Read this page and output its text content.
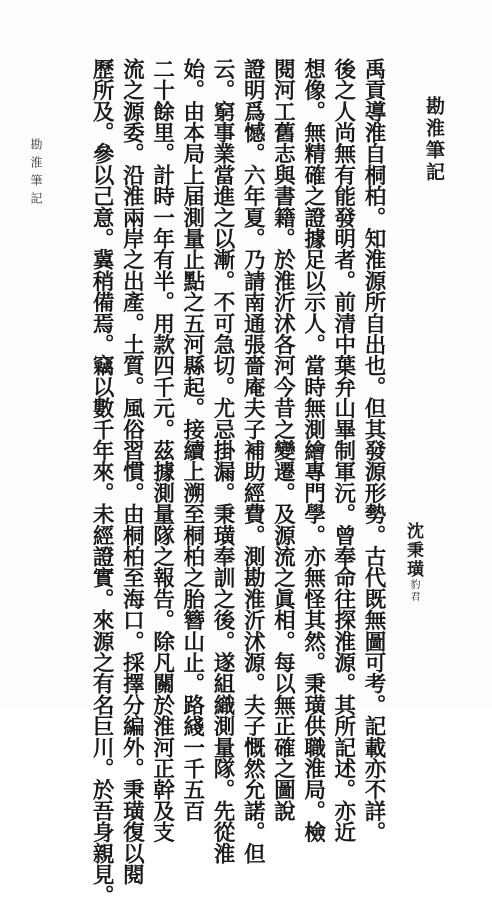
勘淮筆記
沈秉璜豹君

禹貢導淮自桐柏。知淮源所自出也。但其發源形勢。古代既無圖可考。記載亦不詳。

後之人尚無有能發明者。前清中葉弁山畢制軍沅。曾奉命往探淮源。其所記述。亦近

想像。無精確之證據足以示人。當時無測繪專門學。亦無怪其然。秉璜供職淮局。檢

閱河工舊志與書籍。於淮沂沭各河今昔之變遷。及源流之眞相。每以無正確之圖說

證明爲憾。六年夏。乃請南通張嗇庵夫子補助經費。測勘淮沂沭源。夫子慨然允諾。但

云。窮事業當進之以漸。不可急切。尤忌掛漏。秉璜奉訓之後。遂組織測量隊。先從淮

始。由本局上届測量止點之五河縣起。接續上溯至桐柏之胎簪山止。路綫一千五百

二十餘里。計時一年有半。用款四千元。茲據測量隊之報告。除凡關於淮河正幹及支

流之源委。沿淮兩岸之出產。土質。風俗習慣。由桐柏至海口。採擇分編外。秉璜復以閱

歷所及。參以己意。冀稍備焉。竊以數千年來。未經證實。來源之有名巨川。於吾身親見。

勘淮筆記
